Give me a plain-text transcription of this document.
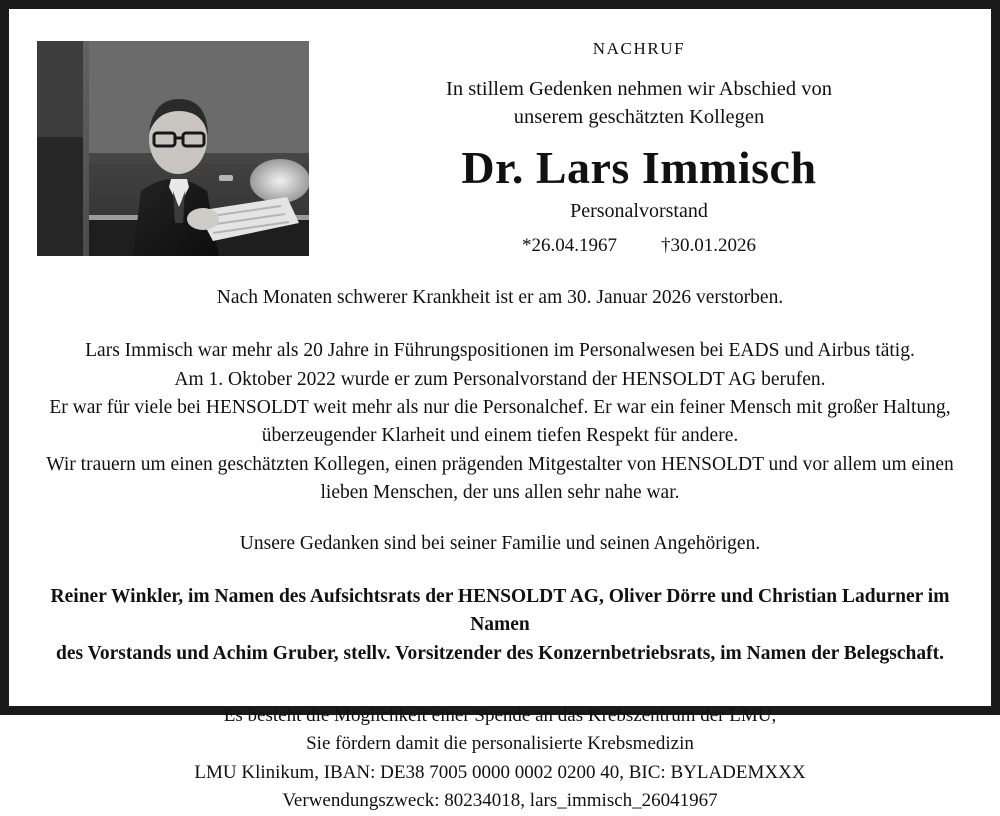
NACHRUF
In stillem Gedenken nehmen wir Abschied von
unserem geschätzten Kollegen
Dr. Lars Immisch
Personalvorstand
*26.04.1967 †30.01.2026
Nach Monaten schwerer Krankheit ist er am 30. Januar 2026 verstorben.

Lars Immisch war mehr als 20 Jahre in Führungspositionen im Personalwesen bei EADS und Airbus tätig.

Am 1. Oktober 2022 wurde er zum Personalvorstand der HENSOLDT AG berufen.

Er war für viele bei HENSOLDT weit mehr als nur die Personalchef. Er war ein feiner Mensch mit großer Haltung,

überzeugender Klarheit und einem tiefen Respekt für andere.

Wir trauern um einen geschätzten Kollegen, einen prägenden Mitgestalter von HENSOLDT und vor allem um einen

lieben Menschen, der uns allen sehr nahe war.

Unsere Gedanken sind bei seiner Familie und seinen Angehörigen.

Reiner Winkler, im Namen des Aufsichtsrats der HENSOLDT AG, Oliver Dörre und Christian Ladurner im Namen

des Vorstands und Achim Gruber, stellv. Vorsitzender des Konzernbetriebsrats, im Namen der Belegschaft.

Es besteht die Möglichkeit einer Spende an das Krebszentrum der LMU,

Sie fördern damit die personalisierte Krebsmedizin

LMU Klinikum, IBAN: DE38 7005 0000 0002 0200 40, BIC: BYLADEMXXX

Verwendungszweck: 80234018, lars_immisch_26041967
